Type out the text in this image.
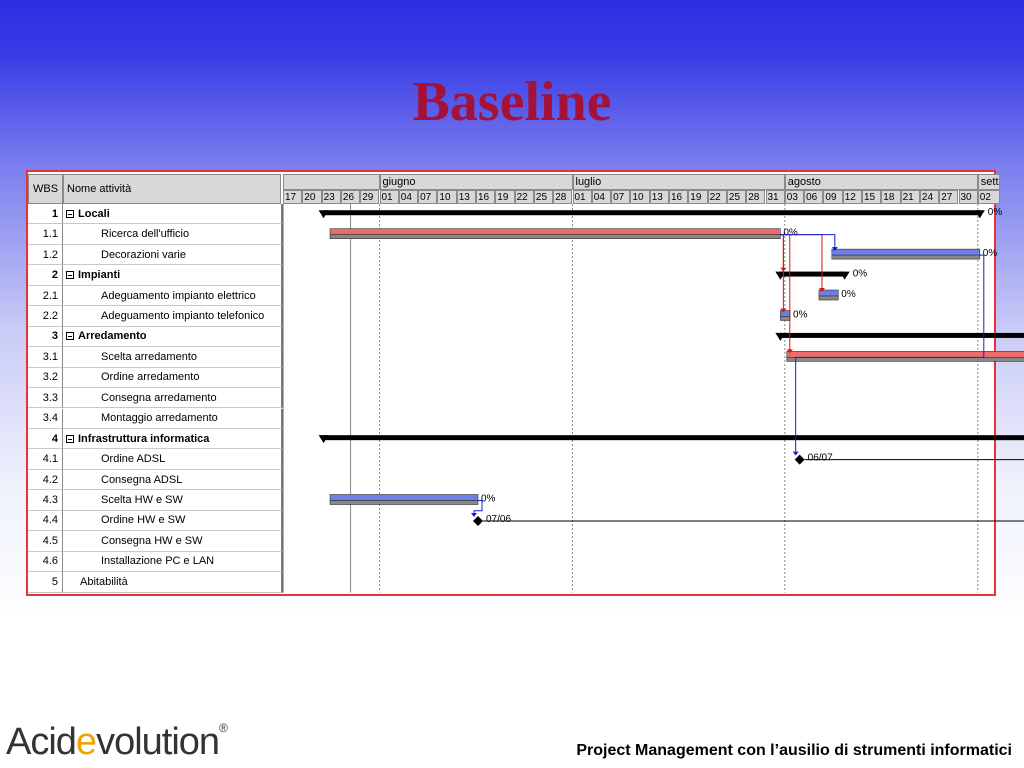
Baseline
WBS Nome attività
giugno	luglio	agosto	sett
17 20 23 26 29 01 04 07 10 13 16 19 22 25 28 01 04 07 10 13 16 19 22 25 28 31 03 06 09 12 15 18 21 24 27 30 02
1	Locali
1.1	Ricerca dell'ufficio
1.2	Decorazioni varie
2	Impianti
2.1	Adeguamento impianto elettrico
2.2	Adeguamento impianto telefonico
3	Arredamento
3.1	Scelta arredamento
3.2	Ordine arredamento
3.3	Consegna arredamento
3.4	Montaggio arredamento
4	Infrastruttura informatica
4.1	Ordine ADSL
4.2	Consegna ADSL
4.3	Scelta HW e SW
4.4	Ordine HW e SW
4.5	Consegna HW e SW
4.6	Installazione PC e LAN
5	Abitabilità
0%
0%
0%
0%
0%
0%
06/07
0%
07/06
Acidevolution®
Project Management con l’ausilio di strumenti informatici
